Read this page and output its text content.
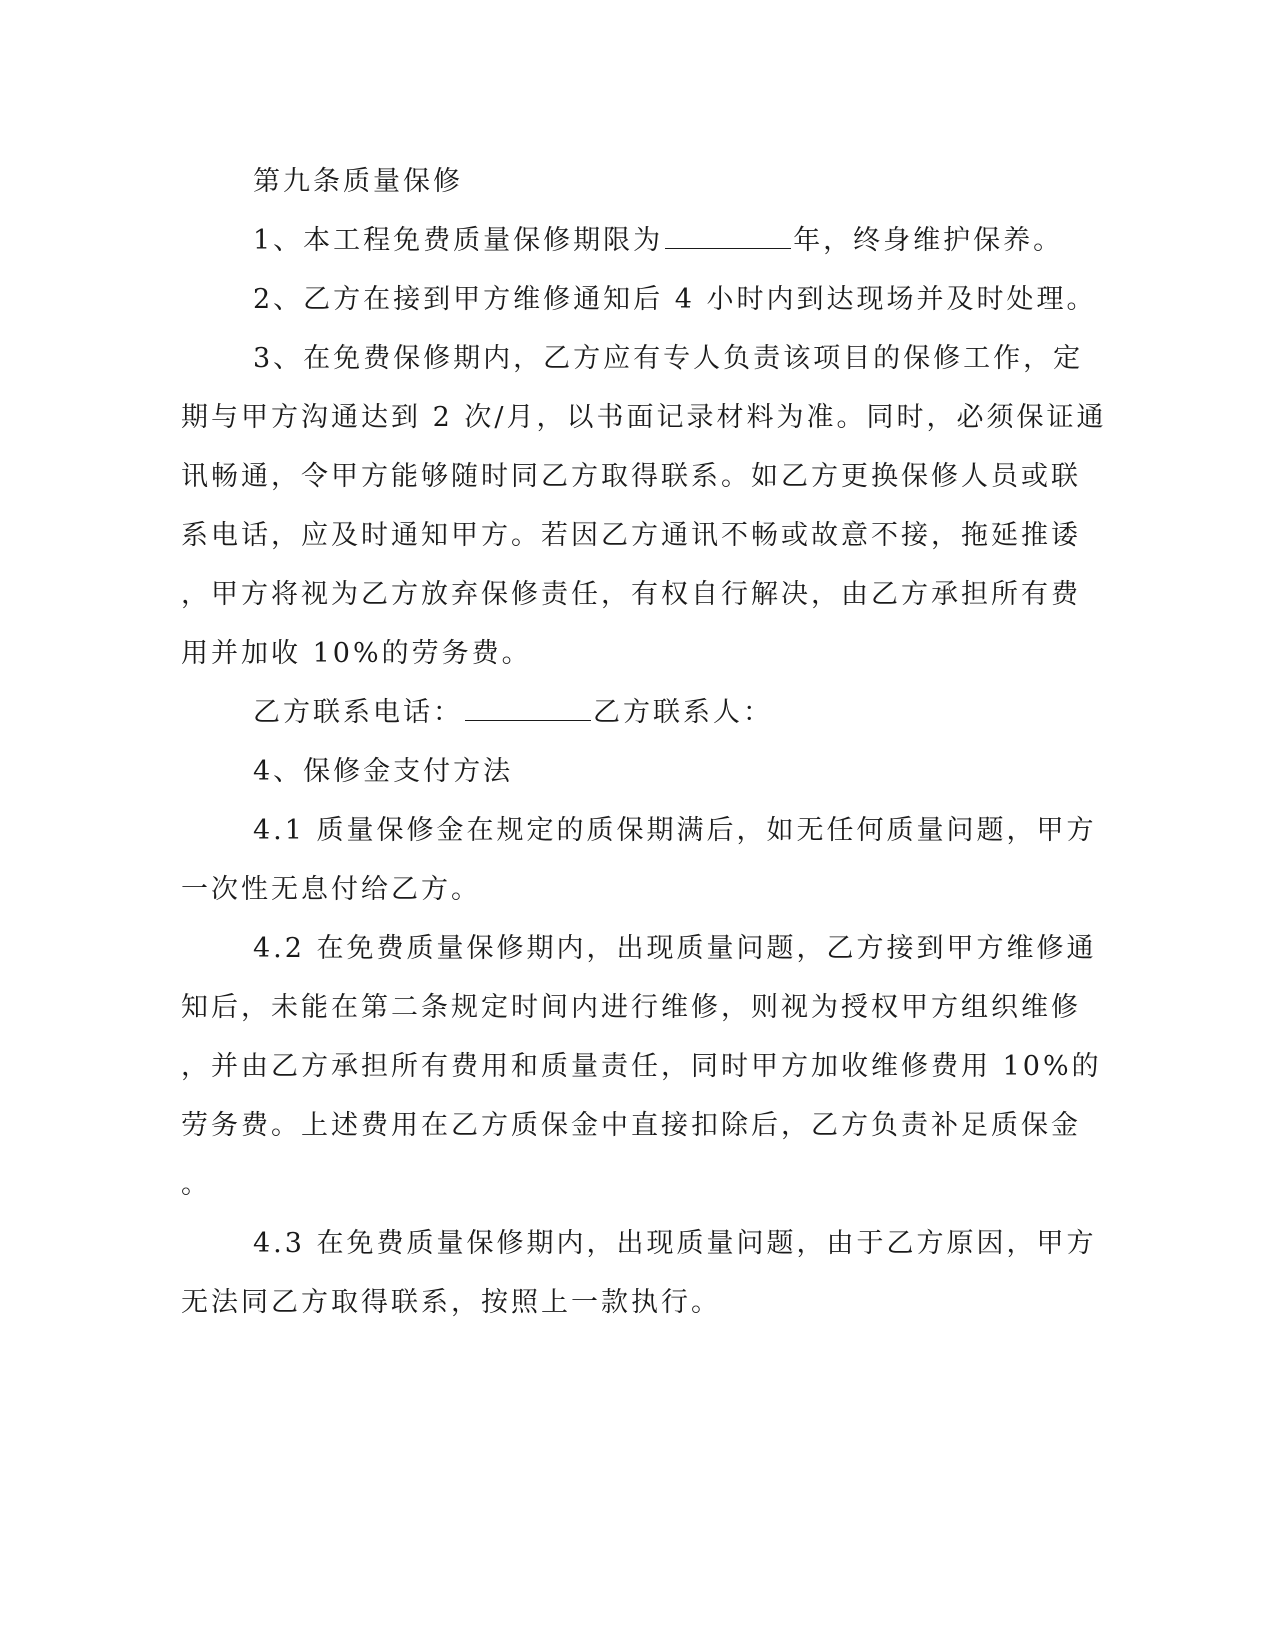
第九条质量保修
1、本工程免费质量保修期限为	年，终身维护保养。
2、乙方在接到甲方维修通知后 4 小时内到达现场并及时处理。
3、在免费保修期内，乙方应有专人负责该项目的保修工作，定
期与甲方沟通达到 2 次/月，以书面记录材料为准。同时，必须保证通
讯畅通，令甲方能够随时同乙方取得联系。如乙方更换保修人员或联
系电话，应及时通知甲方。若因乙方通讯不畅或故意不接，拖延推诿
，甲方将视为乙方放弃保修责任，有权自行解决，由乙方承担所有费
用并加收 10%的劳务费。
乙方联系电话：	乙方联系人：
4、保修金支付方法
4.1 质量保修金在规定的质保期满后，如无任何质量问题，甲方
一次性无息付给乙方。
4.2 在免费质量保修期内，出现质量问题，乙方接到甲方维修通
知后，未能在第二条规定时间内进行维修，则视为授权甲方组织维修
，并由乙方承担所有费用和质量责任，同时甲方加收维修费用 10%的
劳务费。上述费用在乙方质保金中直接扣除后，乙方负责补足质保金
。
4.3 在免费质量保修期内，出现质量问题，由于乙方原因，甲方
无法同乙方取得联系，按照上一款执行。
